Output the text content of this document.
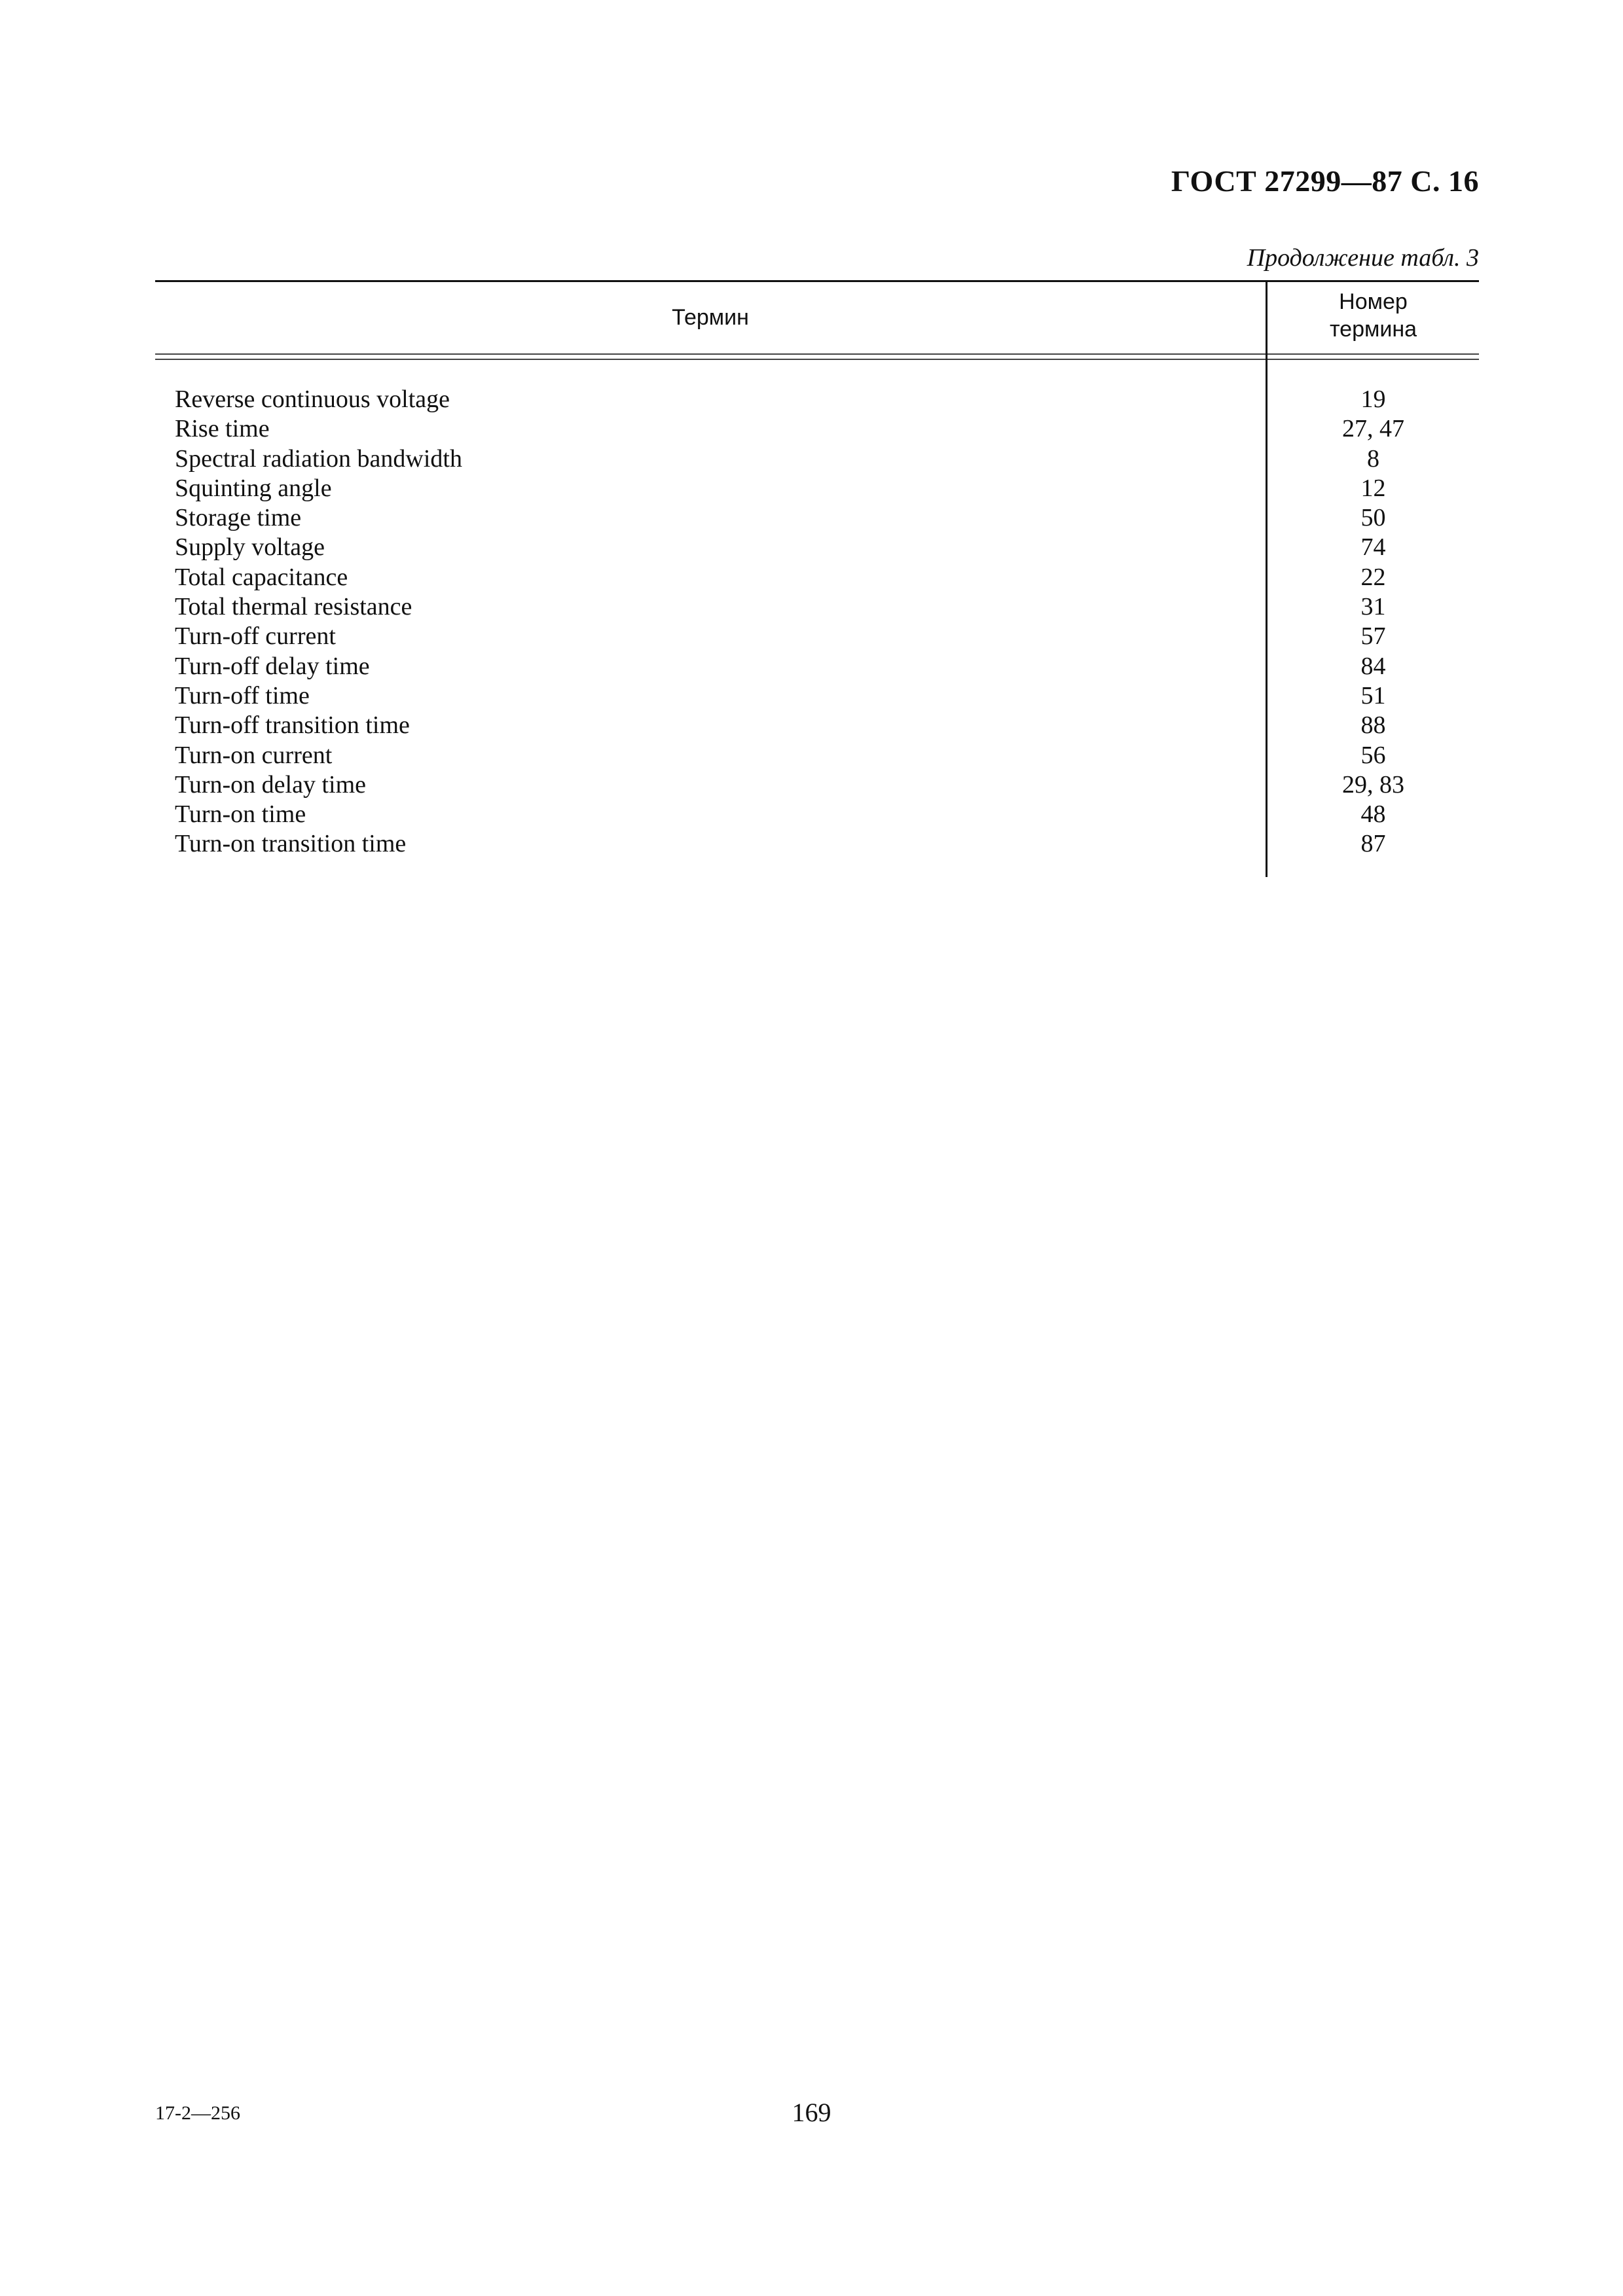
ГОСТ 27299—87 С. 16
Продолжение табл. 3
Термин
Номер
термина
Reverse continuous voltage	19
Rise time	27, 47
Spectral radiation bandwidth	8
Squinting angle	12
Storage time	50
Supply voltage	74
Total capacitance	22
Total thermal resistance	31
Turn-off current	57
Turn-off delay time	84
Turn-off time	51
Turn-off transition time	88
Turn-on current	56
Turn-on delay time	29, 83
Turn-on time	48
Turn-on transition time	87
17-2—256	169
